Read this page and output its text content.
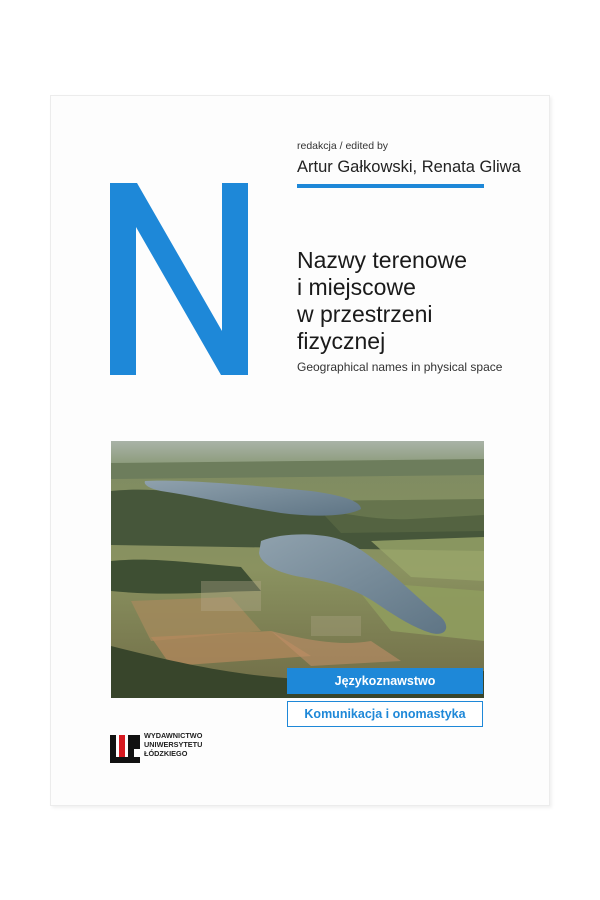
redakcja / edited by
Artur Gałkowski, Renata Gliwa
Nazwy terenowe
i miejscowe
w przestrzeni
fizycznej
Geographical names in physical space
Językoznawstwo
Komunikacja i onomastyka
WYDAWNICTWO
UNIWERSYTETU
ŁÓDZKIEGO
